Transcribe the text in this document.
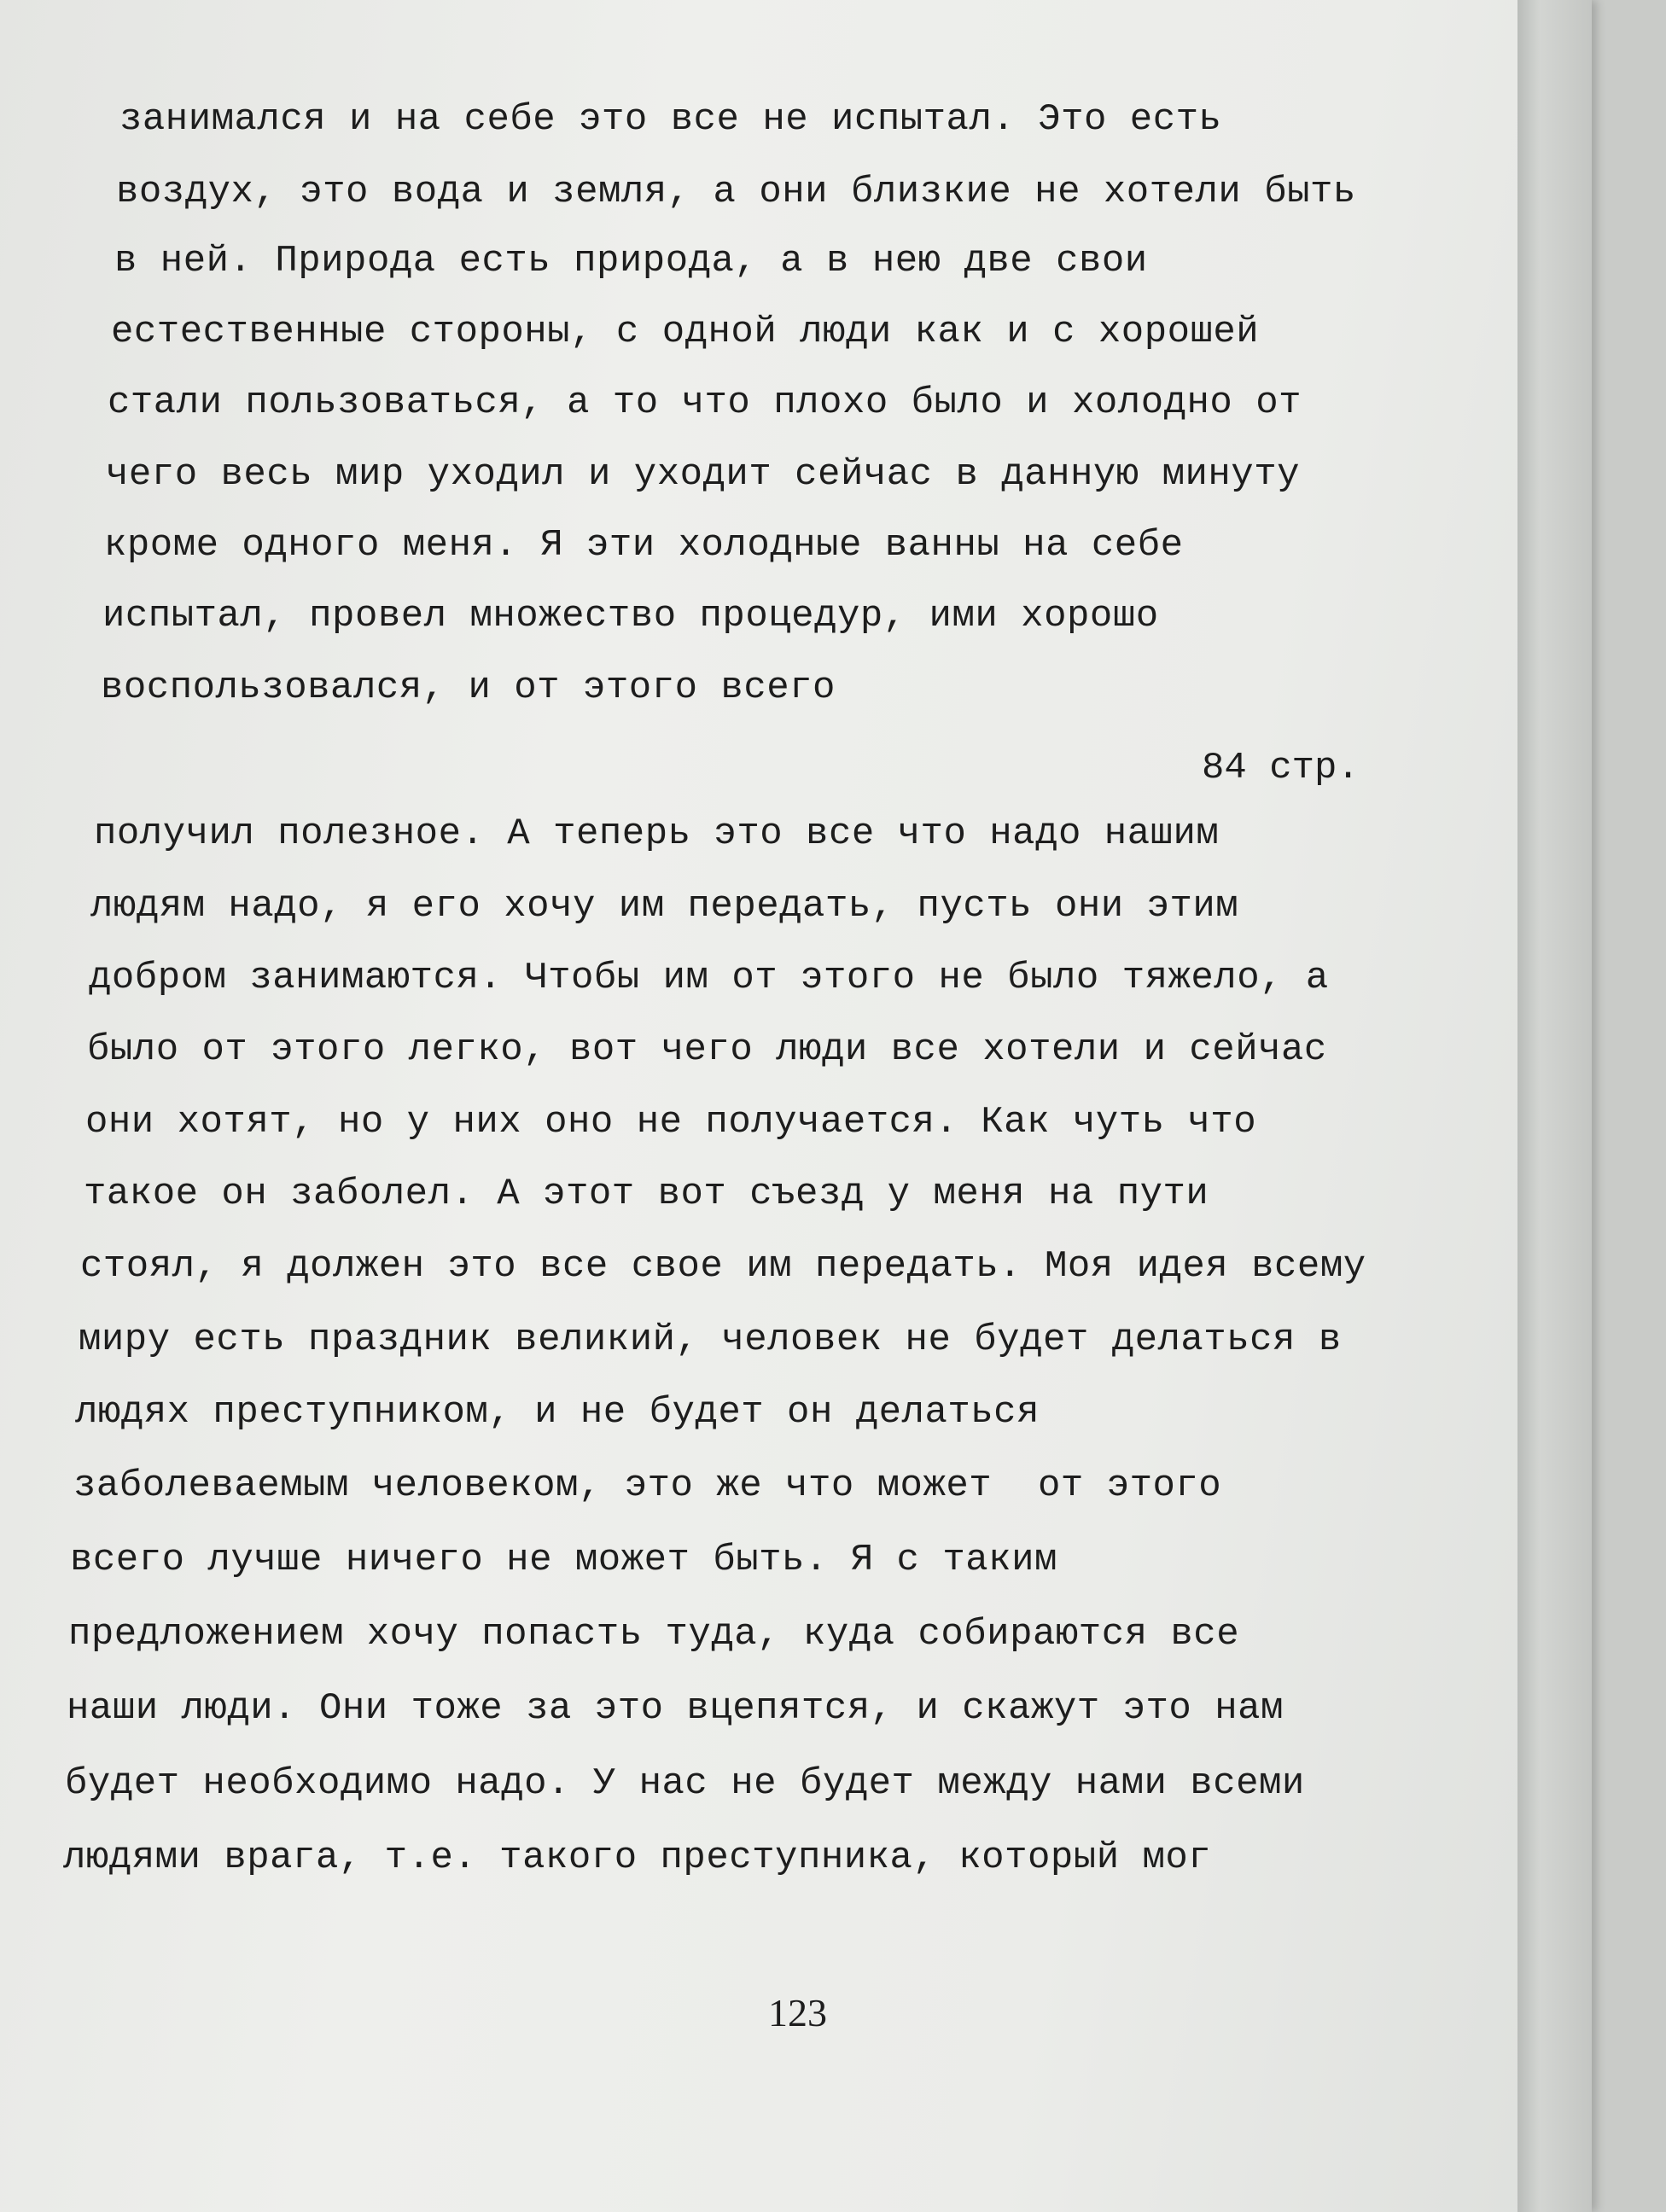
занимался и на себе это все не испытал. Это есть
воздух, это вода и земля, а они близкие не хотели быть
в ней. Природа есть природа, а в нею две свои
естественные стороны, с одной люди как и с хорошей
стали пользоваться, а то что плохо было и холодно от
чего весь мир уходил и уходит сейчас в данную минуту
кроме одного меня. Я эти холодные ванны на себе
испытал, провел множество процедур, ими хорошо
воспользовался, и от этого всего
84 стр.
получил полезное. А теперь это все что надо нашим
людям надо, я его хочу им передать, пусть они этим
добром занимаются. Чтобы им от этого не было тяжело, а
было от этого легко, вот чего люди все хотели и сейчас
они хотят, но у них оно не получается. Как чуть что
такое он заболел. А этот вот съезд у меня на пути
стоял, я должен это все свое им передать. Моя идея всему
миру есть праздник великий, человек не будет делаться в
людях преступником, и не будет он делаться
заболеваемым человеком, это же что может  от этого
всего лучше ничего не может быть. Я с таким
предложением хочу попасть туда, куда собираются все
наши люди. Они тоже за это вцепятся, и скажут это нам
будет необходимо надо. У нас не будет между нами всеми
людями врага, т.е. такого преступника, который мог
123
